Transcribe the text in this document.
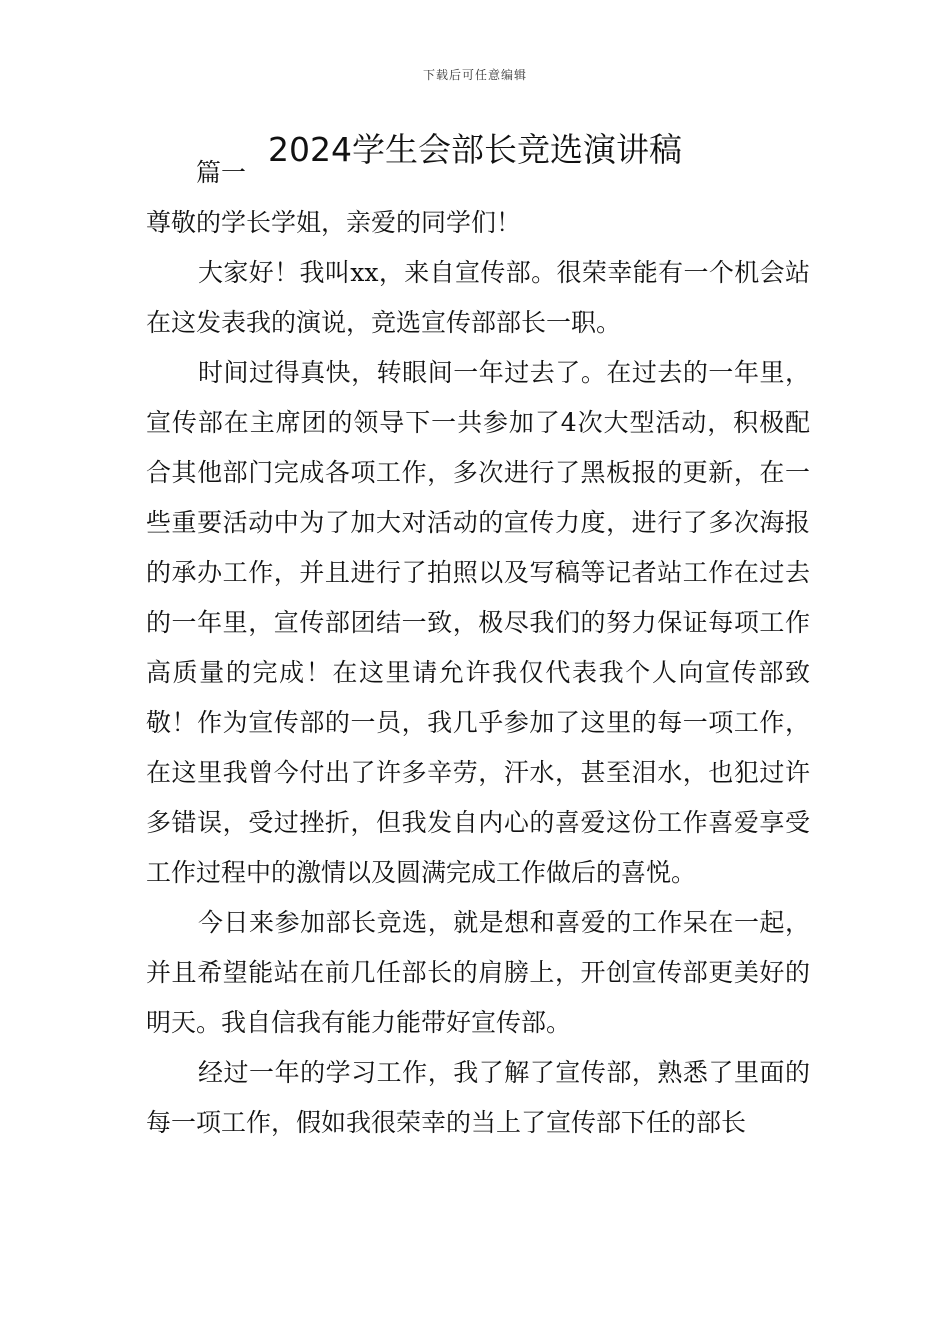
下载后可任意编辑
2024学生会部长竞选演讲稿

篇一

尊敬的学长学姐，亲爱的同学们！

大家好！我叫xx，来自宣传部。很荣幸能有一个机会站在这发表我的演说，竞选宣传部部长一职。

时间过得真快，转眼间一年过去了。在过去的一年里，宣传部在主席团的领导下一共参加了4次大型活动，积极配合其他部门完成各项工作，多次进行了黑板报的更新，在一些重要活动中为了加大对活动的宣传力度，进行了多次海报的承办工作，并且进行了拍照以及写稿等记者站工作在过去的一年里，宣传部团结一致，极尽我们的努力保证每项工作高质量的完成！在这里请允许我仅代表我个人向宣传部致敬！作为宣传部的一员，我几乎参加了这里的每一项工作，在这里我曾今付出了许多辛劳，汗水，甚至泪水，也犯过许多错误，受过挫折，但我发自内心的喜爱这份工作喜爱享受工作过程中的激情以及圆满完成工作做后的喜悦。

今日来参加部长竞选，就是想和喜爱的工作呆在一起，并且希望能站在前几任部长的肩膀上，开创宣传部更美好的明天。我自信我有能力能带好宣传部。

经过一年的学习工作，我了解了宣传部，熟悉了里面的每一项工作，假如我很荣幸的当上了宣传部下任的部长
